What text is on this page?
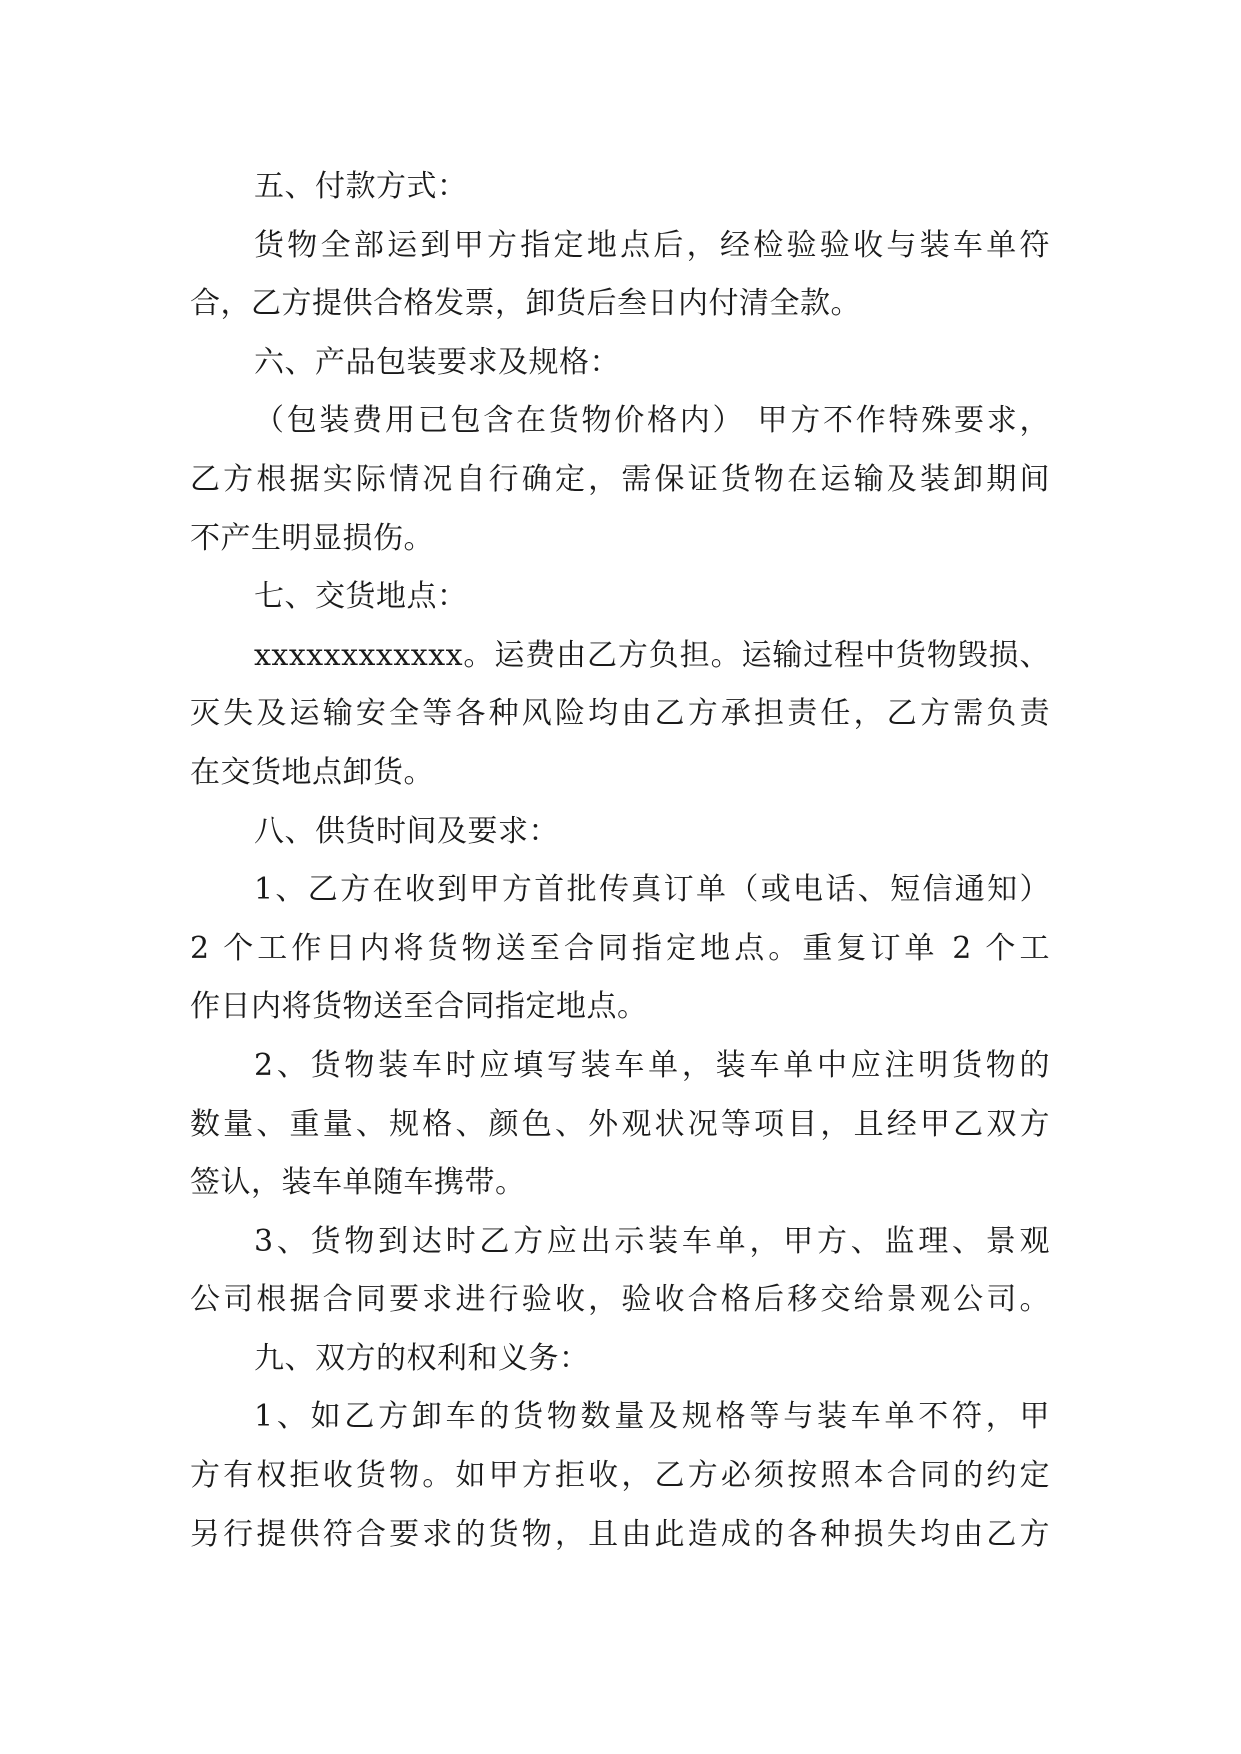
五、付款方式：
货物全部运到甲方指定地点后，经检验验收与装车单符
合，乙方提供合格发票，卸货后叁日内付清全款。
六、产品包装要求及规格：
（包装费用已包含在货物价格内） 甲方不作特殊要求，
乙方根据实际情况自行确定，需保证货物在运输及装卸期间
不产生明显损伤。
七、交货地点：
xxxxxxxxxxxx。运费由乙方负担。运输过程中货物毁损、
灭失及运输安全等各种风险均由乙方承担责任，乙方需负责
在交货地点卸货。
八、供货时间及要求：
1、乙方在收到甲方首批传真订单（或电话、短信通知）
2 个工作日内将货物送至合同指定地点。重复订单 2 个工
作日内将货物送至合同指定地点。
2、货物装车时应填写装车单，装车单中应注明货物的
数量、重量、规格、颜色、外观状况等项目，且经甲乙双方
签认，装车单随车携带。
3、货物到达时乙方应出示装车单，甲方、监理、景观
公司根据合同要求进行验收，验收合格后移交给景观公司。
九、双方的权利和义务：
1、如乙方卸车的货物数量及规格等与装车单不符，甲
方有权拒收货物。如甲方拒收，乙方必须按照本合同的约定
另行提供符合要求的货物，且由此造成的各种损失均由乙方
